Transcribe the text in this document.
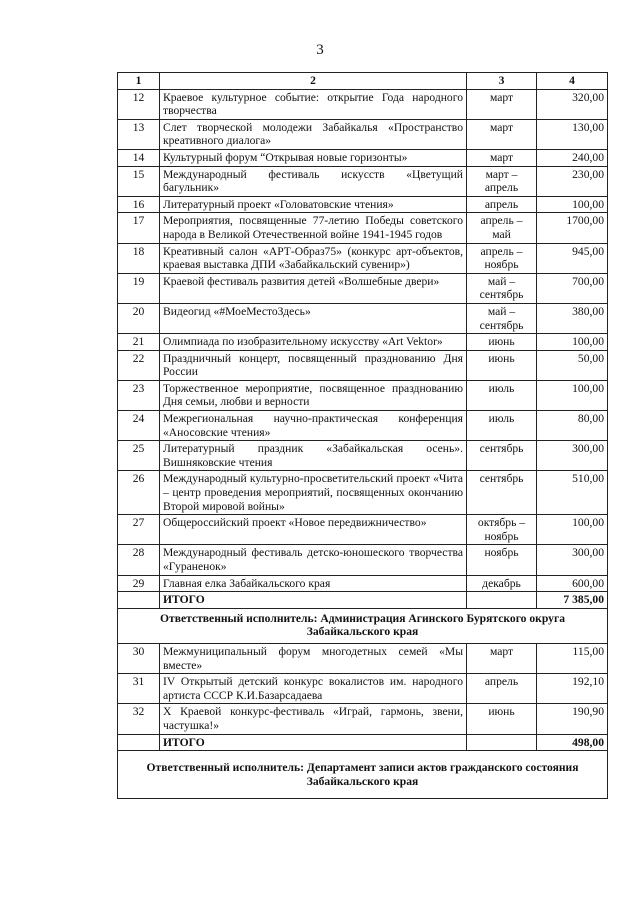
3
1	2	3	4
12	Краевое культурное событие: открытие Года народного творчества	март	320,00
13	Слет творческой молодежи Забайкалья «Пространство креативного диалога»	март	130,00
14	Культурный форум “Открывая новые горизонты»	март	240,00
15	Международный фестиваль искусств «Цветущий багульник»	март – апрель	230,00
16	Литературный проект «Головатовские чтения»	апрель	100,00
17	Мероприятия, посвященные 77-летию Победы советского народа в Великой Отечественной войне 1941-1945 годов	апрель – май	1700,00
18	Креативный салон «АРТ-Образ75» (конкурс арт-объектов, краевая выставка ДПИ «Забайкальский сувенир»)	апрель – ноябрь	945,00
19	Краевой фестиваль развития детей «Волшебные двери»	май – сентябрь	700,00
20	Видеогид «#МоеМестоЗдесь»	май – сентябрь	380,00
21	Олимпиада по изобразительному искусству «Art Vektor»	июнь	100,00
22	Праздничный концерт, посвященный празднованию Дня России	июнь	50,00
23	Торжественное мероприятие, посвященное празднованию Дня семьи, любви и верности	июль	100,00
24	Межрегиональная научно-практическая конференция «Аносовские чтения»	июль	80,00
25	Литературный праздник «Забайкальская осень». Вишняковские чтения	сентябрь	300,00
26	Международный культурно-просветительский проект «Чита – центр проведения мероприятий, посвященных окончанию Второй мировой войны»	сентябрь	510,00
27	Общероссийский проект «Новое передвижничество»	октябрь – ноябрь	100,00
28	Международный фестиваль детско-юношеского творчества «Гураненок»	ноябрь	300,00
29	Главная елка Забайкальского края	декабрь	600,00
	ИТОГО		7 385,00
Ответственный исполнитель: Администрация Агинского Бурятского округа Забайкальского края			
30	Межмуниципальный форум многодетных семей «Мы вместе»	март	115,00
31	IV Открытый детский конкурс вокалистов им. народного артиста СССР К.И.Базарсадаева	апрель	192,10
32	X Краевой конкурс-фестиваль «Играй, гармонь, звени, частушка!»	июнь	190,90
	ИТОГО		498,00
Ответственный исполнитель: Департамент записи актов гражданского состояния Забайкальского края			
